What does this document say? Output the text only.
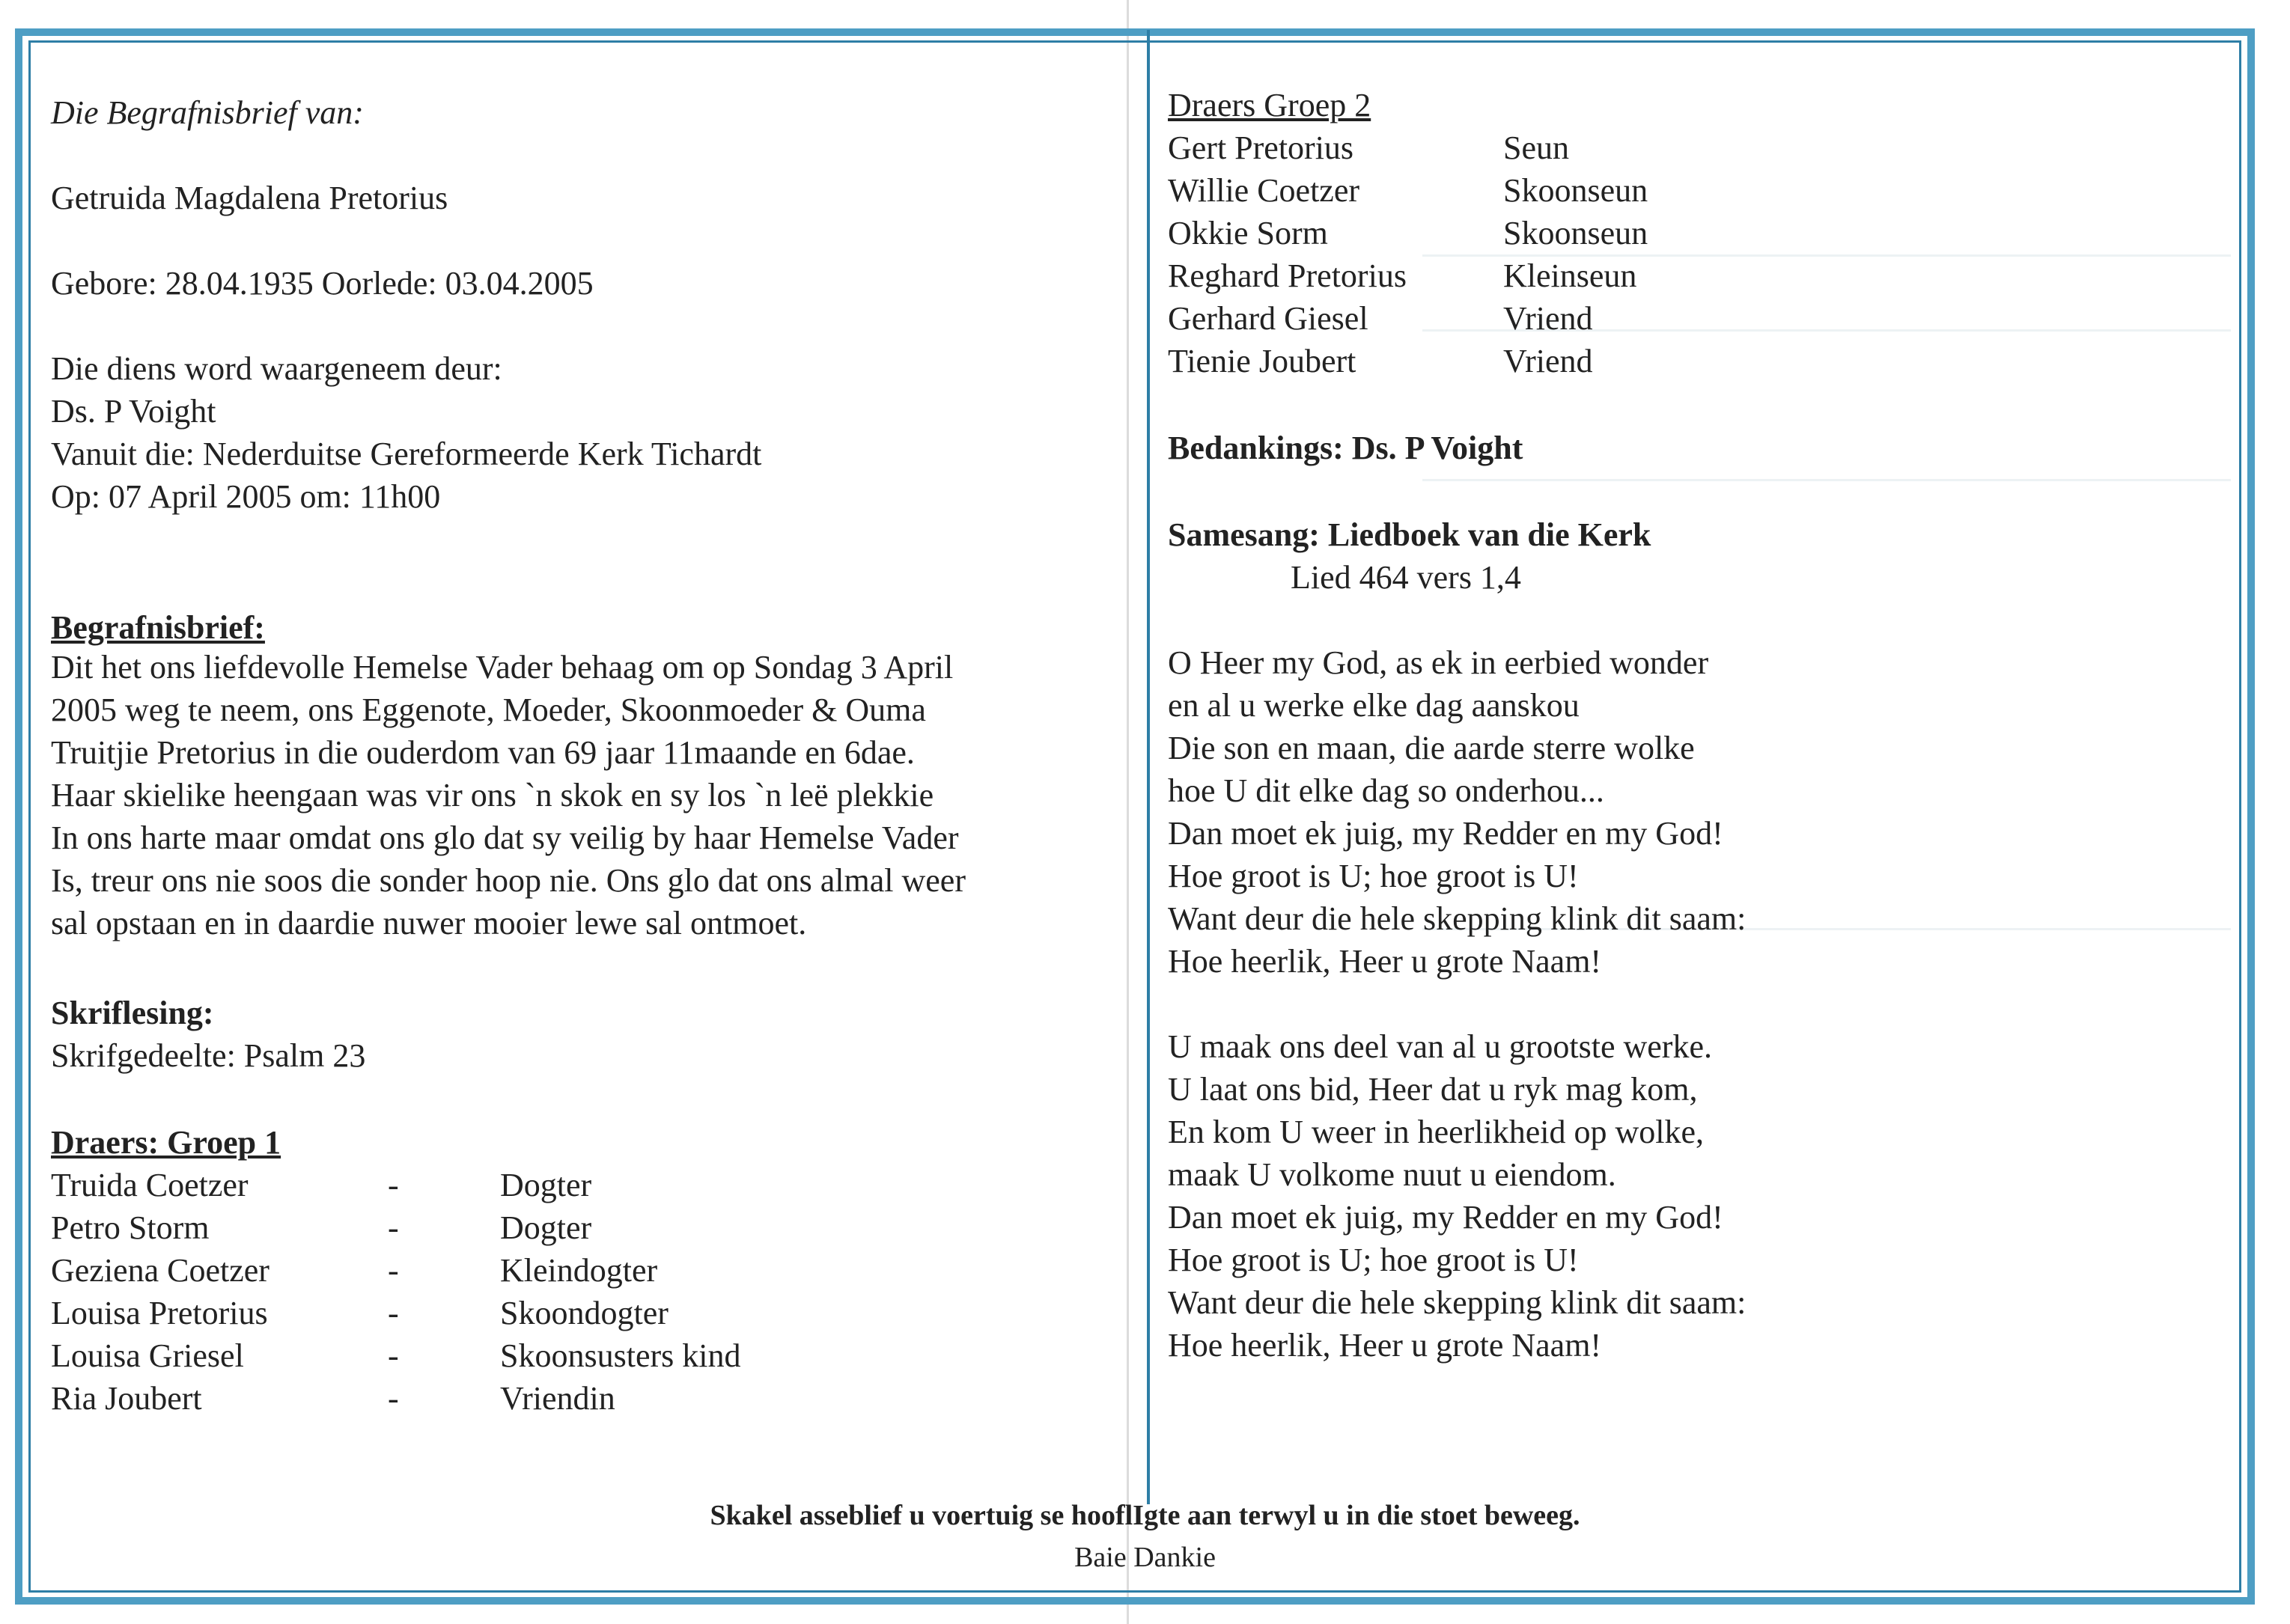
Die Begrafnisbrief van:
Getruida Magdalena Pretorius
Gebore: 28.04.1935 Oorlede: 03.04.2005
Die diens word waargeneem deur:
Ds. P Voight
Vanuit die: Nederduitse Gereformeerde Kerk Tichardt
Op: 07 April 2005 om: 11h00
Begrafnisbrief:
Dit het ons liefdevolle Hemelse Vader behaag om op Sondag 3 April
2005 weg te neem, ons Eggenote, Moeder, Skoonmoeder & Ouma
Truitjie Pretorius in die ouderdom van 69 jaar 11maande en 6dae.
Haar skielike heengaan was vir ons `n skok en sy los `n leë plekkie
In ons harte maar omdat ons glo dat sy veilig by haar Hemelse Vader
Is, treur ons nie soos die sonder hoop nie. Ons glo dat ons almal weer
sal opstaan en in daardie nuwer mooier lewe sal ontmoet.
Skriflesing:
Skrifgedeelte: Psalm 23
Draers: Groep 1
Truida Coetzer	-	Dogter
Petro Storm	-	Dogter
Geziena Coetzer	-	Kleindogter
Louisa Pretorius	-	Skoondogter
Louisa Griesel	-	Skoonsusters kind
Ria Joubert	-	Vriendin
Draers Groep 2
Gert Pretorius	Seun
Willie Coetzer	Skoonseun
Okkie Sorm	Skoonseun
Reghard Pretorius	Kleinseun
Gerhard Giesel	Vriend
Tienie Joubert	Vriend
Bedankings: Ds. P Voight
Samesang: Liedboek van die Kerk
Lied 464 vers 1,4
O Heer my God, as ek in eerbied wonder
en al u werke elke dag aanskou
Die son en maan, die aarde sterre wolke
hoe U dit elke dag so onderhou...
Dan moet ek juig, my Redder en my God!
Hoe groot is U; hoe groot is U!
Want deur die hele skepping klink dit saam:
Hoe heerlik, Heer u grote Naam!
U maak ons deel van al u grootste werke.
U laat ons bid, Heer dat u ryk mag kom,
En kom U weer in heerlikheid op wolke,
maak U volkome nuut u eiendom.
Dan moet ek juig, my Redder en my God!
Hoe groot is U; hoe groot is U!
Want deur die hele skepping klink dit saam:
Hoe heerlik, Heer u grote Naam!
Skakel asseblief u voertuig se hooflIgte aan terwyl u in die stoet beweeg.
Baie Dankie
